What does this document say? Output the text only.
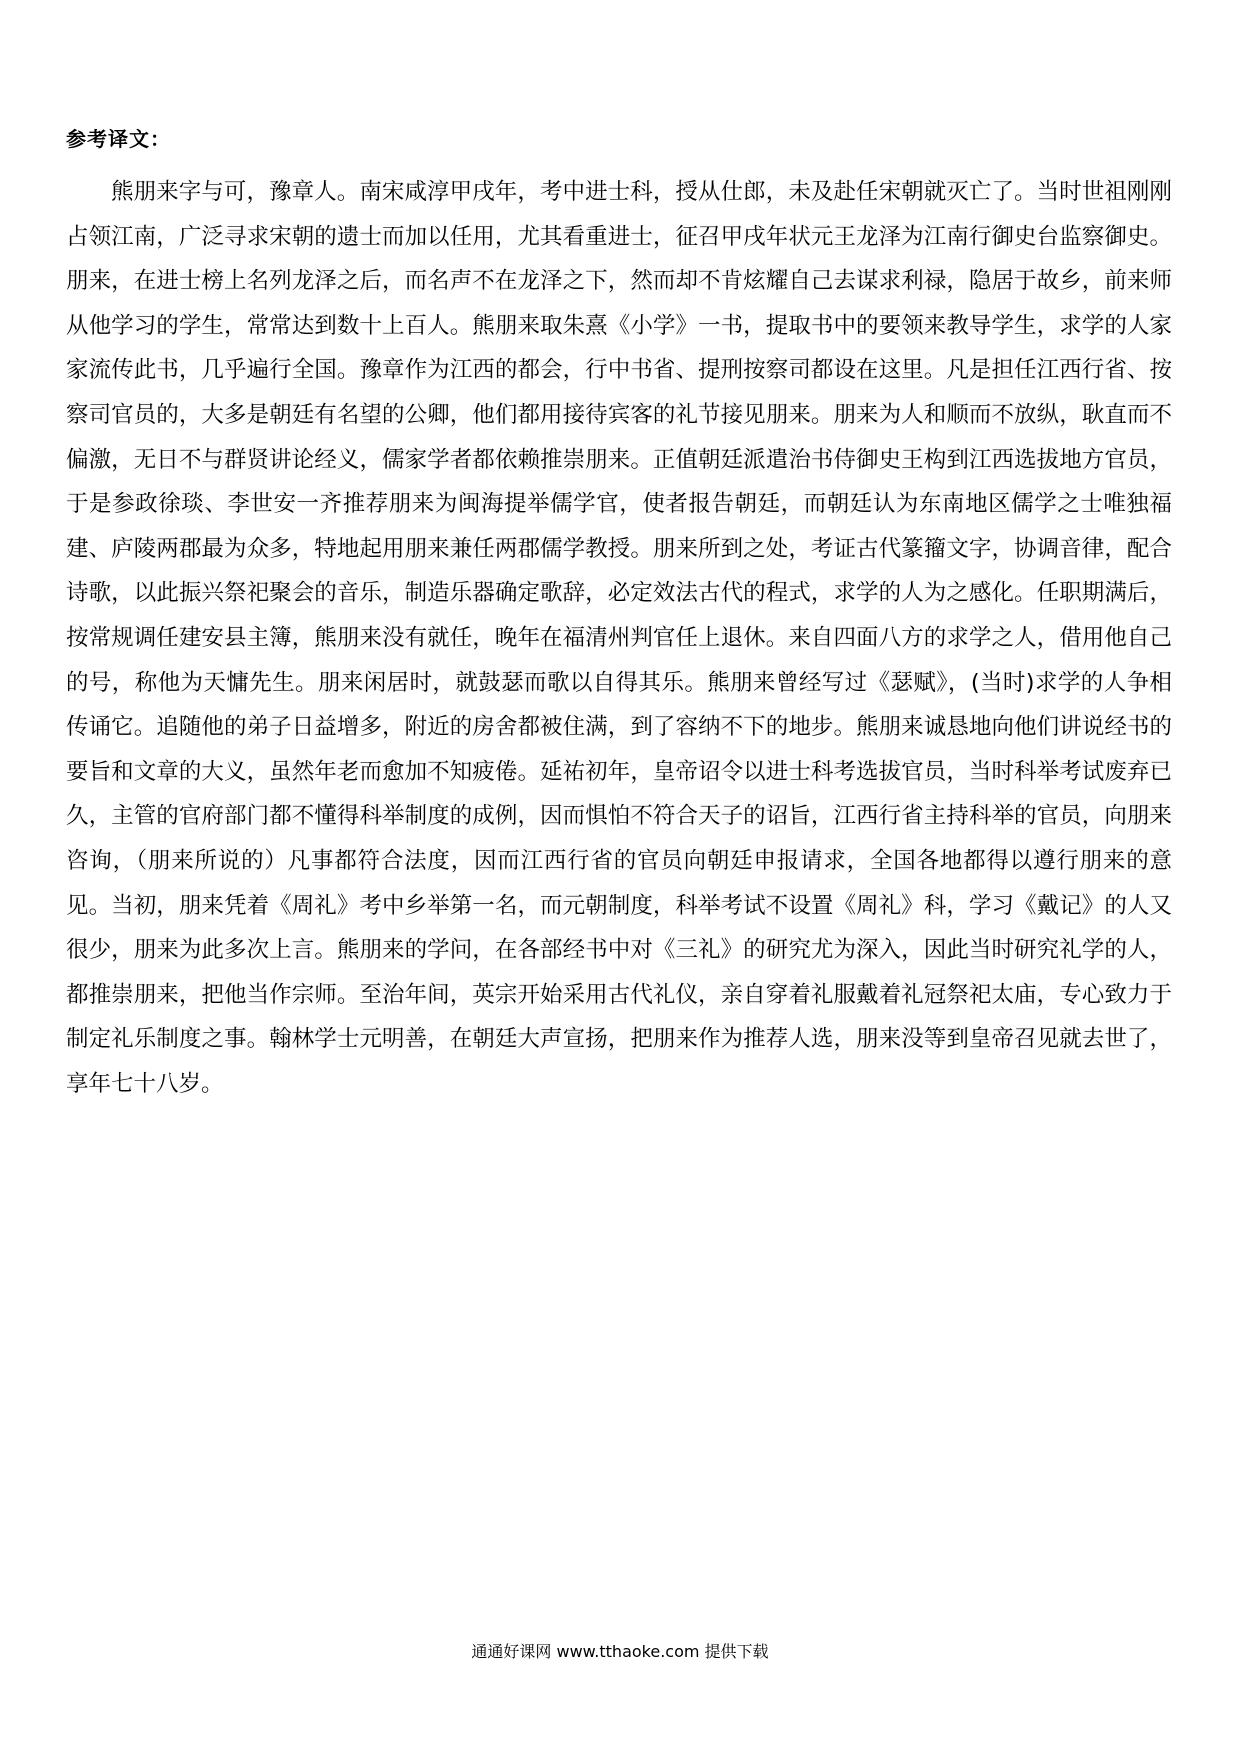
参考译文：

熊朋来字与可，豫章人。南宋咸淳甲戌年，考中进士科，授从仕郎，未及赴任宋朝就灭亡了。当时世祖刚刚占领江南，广泛寻求宋朝的遗士而加以任用，尤其看重进士，征召甲戌年状元王龙泽为江南行御史台监察御史。朋来，在进士榜上名列龙泽之后，而名声不在龙泽之下，然而却不肯炫耀自己去谋求利禄，隐居于故乡，前来师从他学习的学生，常常达到数十上百人。熊朋来取朱熹《小学》一书，提取书中的要领来教导学生，求学的人家家流传此书，几乎遍行全国。豫章作为江西的都会，行中书省、提刑按察司都设在这里。凡是担任江西行省、按察司官员的，大多是朝廷有名望的公卿，他们都用接待宾客的礼节接见朋来。朋来为人和顺而不放纵，耿直而不偏激，无日不与群贤讲论经义，儒家学者都依赖推崇朋来。正值朝廷派遣治书侍御史王构到江西选拔地方官员，于是参政徐琰、李世安一齐推荐朋来为闽海提举儒学官，使者报告朝廷，而朝廷认为东南地区儒学之士唯独福建、庐陵两郡最为众多，特地起用朋来兼任两郡儒学教授。朋来所到之处，考证古代篆籀文字，协调音律，配合诗歌，以此振兴祭祀聚会的音乐，制造乐器确定歌辞，必定效法古代的程式，求学的人为之感化。任职期满后，按常规调任建安县主簿，熊朋来没有就任，晚年在福清州判官任上退休。来自四面八方的求学之人，借用他自己的号，称他为天慵先生。朋来闲居时，就鼓瑟而歌以自得其乐。熊朋来曾经写过《瑟赋》，(当时)求学的人争相传诵它。追随他的弟子日益增多，附近的房舍都被住满，到了容纳不下的地步。熊朋来诚恳地向他们讲说经书的要旨和文章的大义，虽然年老而愈加不知疲倦。延祐初年，皇帝诏令以进士科考选拔官员，当时科举考试废弃已久，主管的官府部门都不懂得科举制度的成例，因而惧怕不符合天子的诏旨，江西行省主持科举的官员，向朋来咨询，（朋来所说的）凡事都符合法度，因而江西行省的官员向朝廷申报请求，全国各地都得以遵行朋来的意见。当初，朋来凭着《周礼》考中乡举第一名，而元朝制度，科举考试不设置《周礼》科，学习《戴记》的人又很少，朋来为此多次上言。熊朋来的学问，在各部经书中对《三礼》的研究尤为深入，因此当时研究礼学的人，都推崇朋来，把他当作宗师。至治年间，英宗开始采用古代礼仪，亲自穿着礼服戴着礼冠祭祀太庙，专心致力于制定礼乐制度之事。翰林学士元明善，在朝廷大声宣扬，把朋来作为推荐人选，朋来没等到皇帝召见就去世了，享年七十八岁。

通通好课网 www.tthaoke.com 提供下载
